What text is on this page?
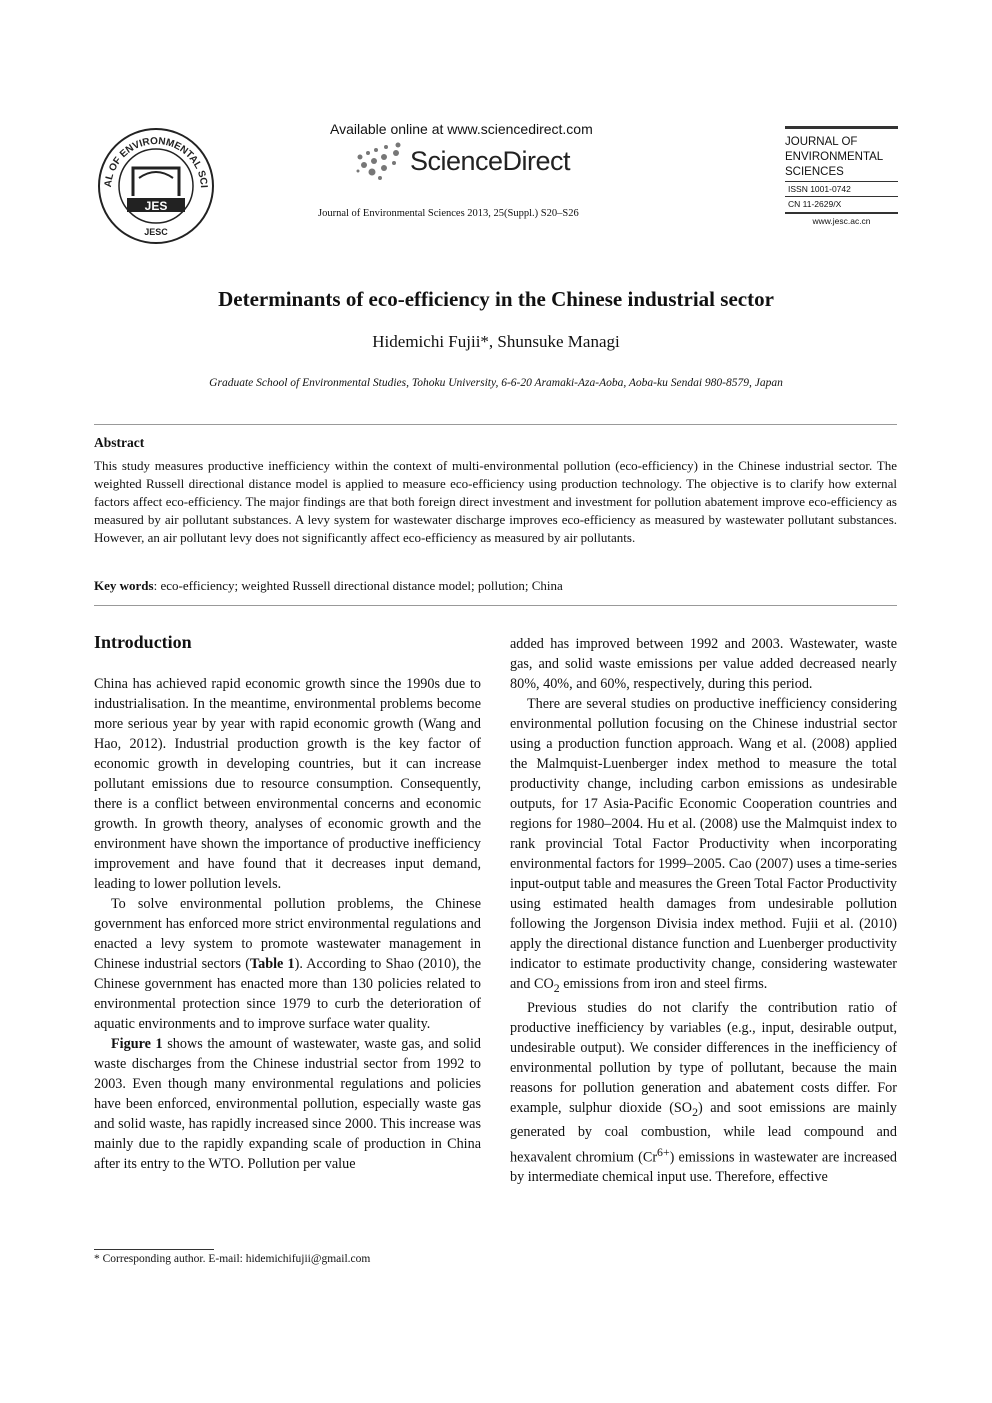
AL OF ENVIRONMENTAL SCI
JES
JESC
Available online at www.sciencedirect.com
ScienceDirect
Journal of Environmental Sciences 2013, 25(Suppl.) S20–S26
JOURNAL OF
ENVIRONMENTAL
SCIENCES
ISSN 1001-0742
CN 11-2629/X
www.jesc.ac.cn
Determinants of eco-efficiency in the Chinese industrial sector
Hidemichi Fujii*, Shunsuke Managi
Graduate School of Environmental Studies, Tohoku University, 6-6-20 Aramaki-Aza-Aoba, Aoba-ku Sendai 980-8579, Japan
Abstract
This study measures productive inefficiency within the context of multi-environmental pollution (eco-efficiency) in the Chinese industrial sector. The weighted Russell directional distance model is applied to measure eco-efficiency using production technology. The objective is to clarify how external factors affect eco-efficiency. The major findings are that both foreign direct investment and investment for pollution abatement improve eco-efficiency as measured by air pollutant substances. A levy system for wastewater discharge improves eco-efficiency as measured by wastewater pollutant substances. However, an air pollutant levy does not significantly affect eco-efficiency as measured by air pollutants.
Key words: eco-efficiency; weighted Russell directional distance model; pollution; China
Introduction

China has achieved rapid economic growth since the 1990s due to industrialisation. In the meantime, environmental problems become more serious year by year with rapid economic growth (Wang and Hao, 2012). Industrial production growth is the key factor of economic growth in developing countries, but it can increase pollutant emissions due to resource consumption. Consequently, there is a conflict between environmental concerns and economic growth. In growth theory, analyses of economic growth and the environment have shown the importance of productive inefficiency improvement and have found that it decreases input demand, leading to lower pollution levels.

To solve environmental pollution problems, the Chinese government has enforced more strict environmental regulations and enacted a levy system to promote wastewater management in Chinese industrial sectors (Table 1). According to Shao (2010), the Chinese government has enacted more than 130 policies related to environmental protection since 1979 to curb the deterioration of aquatic environments and to improve surface water quality.

Figure 1 shows the amount of wastewater, waste gas, and solid waste discharges from the Chinese industrial sector from 1992 to 2003. Even though many environmental regulations and policies have been enforced, environmental pollution, especially waste gas and solid waste, has rapidly increased since 2000. This increase was mainly due to the rapidly expanding scale of production in China after its entry to the WTO. Pollution per value

added has improved between 1992 and 2003. Wastewater, waste gas, and solid waste emissions per value added decreased nearly 80%, 40%, and 60%, respectively, during this period.

There are several studies on productive inefficiency considering environmental pollution focusing on the Chinese industrial sector using a production function approach. Wang et al. (2008) applied the Malmquist-Luenberger index method to measure the total productivity change, including carbon emissions as undesirable outputs, for 17 Asia-Pacific Economic Cooperation countries and regions for 1980–2004. Hu et al. (2008) use the Malmquist index to rank provincial Total Factor Productivity when incorporating environmental factors for 1999–2005. Cao (2007) uses a time-series input-output table and measures the Green Total Factor Productivity using estimated health damages from undesirable pollution following the Jorgenson Divisia index method. Fujii et al. (2010) apply the directional distance function and Luenberger productivity indicator to estimate productivity change, considering wastewater and $CO_2$ emissions from iron and steel firms.

Previous studies do not clarify the contribution ratio of productive inefficiency by variables (e.g., input, desirable output, undesirable output). We consider differences in the inefficiency of environmental pollution by type of pollutant, because the main reasons for pollution generation and abatement costs differ. For example, sulphur dioxide $(SO_2)$ and soot emissions are mainly generated by coal combustion, while lead compound and hexavalent chromium $(Cr^{6+})$ emissions in wastewater are increased by intermediate chemical input use. Therefore, effective

* Corresponding author. E-mail: hidemichifujii@gmail.com
